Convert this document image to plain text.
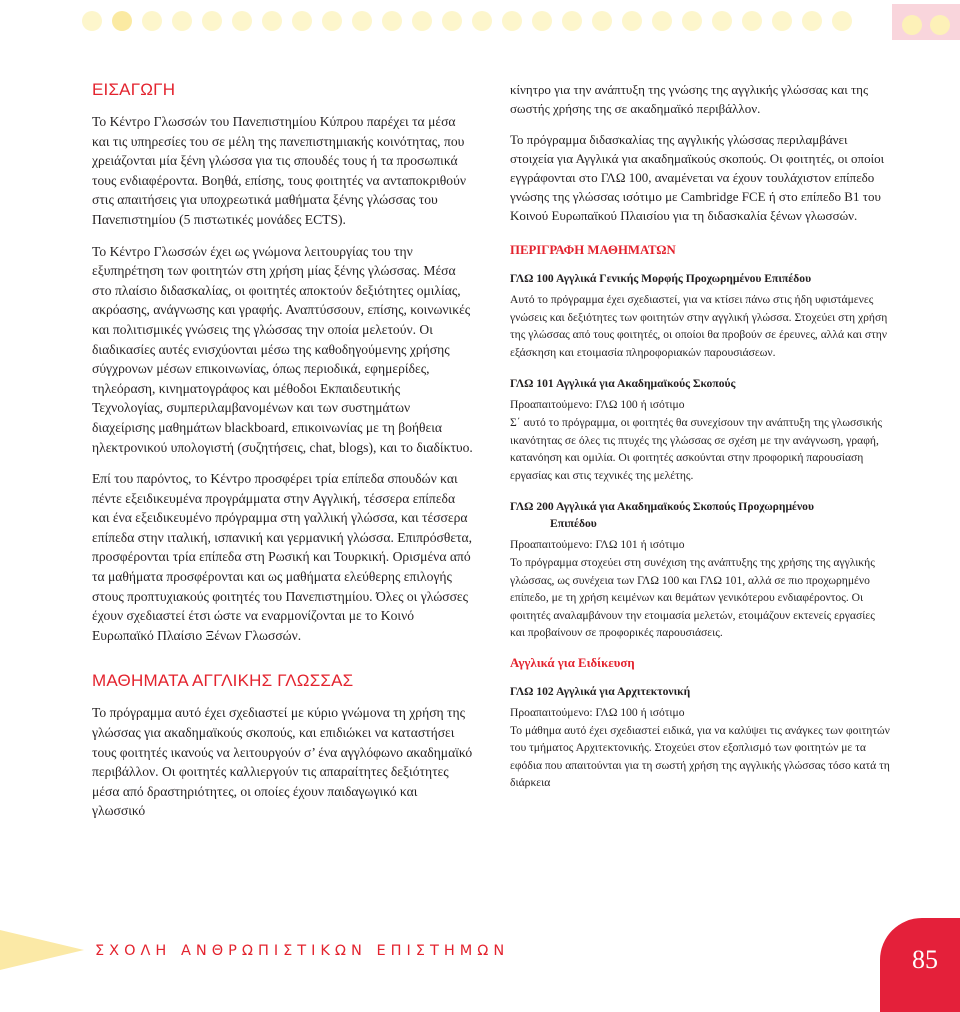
ΕΙΣΑΓΩΓΗ

Το Κέντρο Γλωσσών του Πανεπιστημίου Κύπρου παρέχει τα μέσα και τις υπηρεσίες του σε μέλη της πανεπιστημιακής κοινότητας, που χρειάζονται μία ξένη γλώσσα για τις σπουδές τους ή τα προσωπικά τους ενδιαφέροντα. Βοηθά, επίσης, τους φοιτητές να ανταποκριθούν στις απαιτήσεις για υποχρεωτικά μαθήματα ξένης γλώσσας του Πανεπιστημίου (5 πιστωτικές μονάδες ECTS).

Το Κέντρο Γλωσσών έχει ως γνώμονα λειτουργίας του την εξυπηρέτηση των φοιτητών στη χρήση μίας ξένης γλώσσας. Μέσα στο πλαίσιο διδασκαλίας, οι φοιτητές αποκτούν δεξιότητες ομιλίας, ακρόασης, ανάγνωσης και γραφής. Αναπτύσσουν, επίσης, κοινωνικές και πολιτισμικές γνώσεις της γλώσσας την οποία μελετούν. Οι διαδικασίες αυτές ενισχύονται μέσω της καθοδηγούμενης χρήσης σύγχρονων μέσων επικοινωνίας, όπως περιοδικά, εφημερίδες, τηλεόραση, κινηματογράφος και μέθοδοι Εκπαιδευτικής Τεχνολογίας, συμπεριλαμβανομένων και των συστημάτων διαχείρισης μαθημάτων blackboard, επικοινωνίας με τη βοήθεια ηλεκτρονικού υπολογιστή (συζητήσεις, chat, blogs), και το διαδίκτυο.

Επί του παρόντος, το Κέντρο προσφέρει τρία επίπεδα σπουδών και πέντε εξειδικευμένα προγράμματα στην Αγγλική, τέσσερα επίπεδα και ένα εξειδικευμένο πρόγραμμα στη γαλλική γλώσσα, και τέσσερα επίπεδα στην ιταλική, ισπανική και γερμανική γλώσσα. Επιπρόσθετα, προσφέρονται τρία επίπεδα στη Ρωσική και Τουρκική. Ορισμένα από τα μαθήματα προσφέρονται και ως μαθήματα ελεύθερης επιλογής στους προπτυχιακούς φοιτητές του Πανεπιστημίου. Όλες οι γλώσσες έχουν σχεδιαστεί έτσι ώστε να εναρμονίζονται με το Κοινό Ευρωπαϊκό Πλαίσιο Ξένων Γλωσσών.

ΜΑΘΗΜΑΤΑ ΑΓΓΛΙΚΗΣ ΓΛΩΣΣΑΣ

Το πρόγραμμα αυτό έχει σχεδιαστεί με κύριο γνώμονα τη χρήση της γλώσσας για ακαδημαϊκούς σκοπούς, και επιδιώκει να καταστήσει τους φοιτητές ικανούς να λειτουργούν σ’ ένα αγγλόφωνο ακαδημαϊκό περιβάλλον. Οι φοιτητές καλλιεργούν τις απαραίτητες δεξιότητες μέσα από δραστηριότητες, οι οποίες έχουν παιδαγωγικό και γλωσσικό

κίνητρο για την ανάπτυξη της γνώσης της αγγλικής γλώσσας και της σωστής χρήσης της σε ακαδημαϊκό περιβάλλον.

Το πρόγραμμα διδασκαλίας της αγγλικής γλώσσας περιλαμβάνει στοιχεία για Αγγλικά για ακαδημαϊκούς σκοπούς. Οι φοιτητές, οι οποίοι εγγράφονται στο ΓΛΩ 100, αναμένεται να έχουν τουλάχιστον επίπεδο γνώσης της γλώσσας ισότιμο με Cambridge FCE ή στο επίπεδο B1 του Κοινού Ευρωπαϊκού Πλαισίου για τη διδασκαλία ξένων γλωσσών.

ΠΕΡΙΓΡΑΦΗ ΜΑΘΗΜΑΤΩΝ
ΓΛΩ 100 Αγγλικά Γενικής Μορφής Προχωρημένου Επιπέδου

Αυτό το πρόγραμμα έχει σχεδιαστεί, για να κτίσει πάνω στις ήδη υφιστάμενες γνώσεις και δεξιότητες των φοιτητών στην αγγλική γλώσσα. Στοχεύει στη χρήση της γλώσσας από τους φοιτητές, οι οποίοι θα προβούν σε έρευνες, αλλά και στην εξάσκηση και ετοιμασία πληροφοριακών παρουσιάσεων.

ΓΛΩ 101 Αγγλικά για Ακαδημαϊκούς Σκοπούς

Προαπαιτούμενο: ΓΛΩ 100 ή ισότιμο
Σ΄ αυτό το πρόγραμμα, οι φοιτητές θα συνεχίσουν την ανάπτυξη της γλωσσικής ικανότητας σε όλες τις πτυχές της γλώσσας σε σχέση με την ανάγνωση, γραφή, κατανόηση και ομιλία. Οι φοιτητές ασκούνται στην προφορική παρουσίαση εργασίας και στις τεχνικές της μελέτης.

ΓΛΩ 200 Αγγλικά για Ακαδημαϊκούς Σκοπούς Προχωρημένου
Επιπέδου

Προαπαιτούμενο: ΓΛΩ 101 ή ισότιμο
Το πρόγραμμα στοχεύει στη συνέχιση της ανάπτυξης της χρήσης της αγγλικής γλώσσας, ως συνέχεια των ΓΛΩ 100 και ΓΛΩ 101, αλλά σε πιο προχωρημένο επίπεδο, με τη χρήση κειμένων και θεμάτων γενικότερου ενδιαφέροντος. Οι φοιτητές αναλαμβάνουν την ετοιμασία μελετών, ετοιμάζουν εκτενείς εργασίες και προβαίνουν σε προφορικές παρουσιάσεις.

Αγγλικά για Ειδίκευση
ΓΛΩ 102 Αγγλικά για Αρχιτεκτονική

Προαπαιτούμενο: ΓΛΩ 100 ή ισότιμο
Το μάθημα αυτό έχει σχεδιαστεί ειδικά, για να καλύψει τις ανάγκες των φοιτητών του τμήματος Αρχιτεκτονικής. Στοχεύει στον εξοπλισμό των φοιτητών με τα εφόδια που απαιτούνται για τη σωστή χρήση της αγγλικής γλώσσας τόσο κατά τη διάρκεια

ΣΧΟΛΗ ΑΝΘΡΩΠΙΣΤΙΚΩΝ ΕΠΙΣΤΗΜΩΝ	85
